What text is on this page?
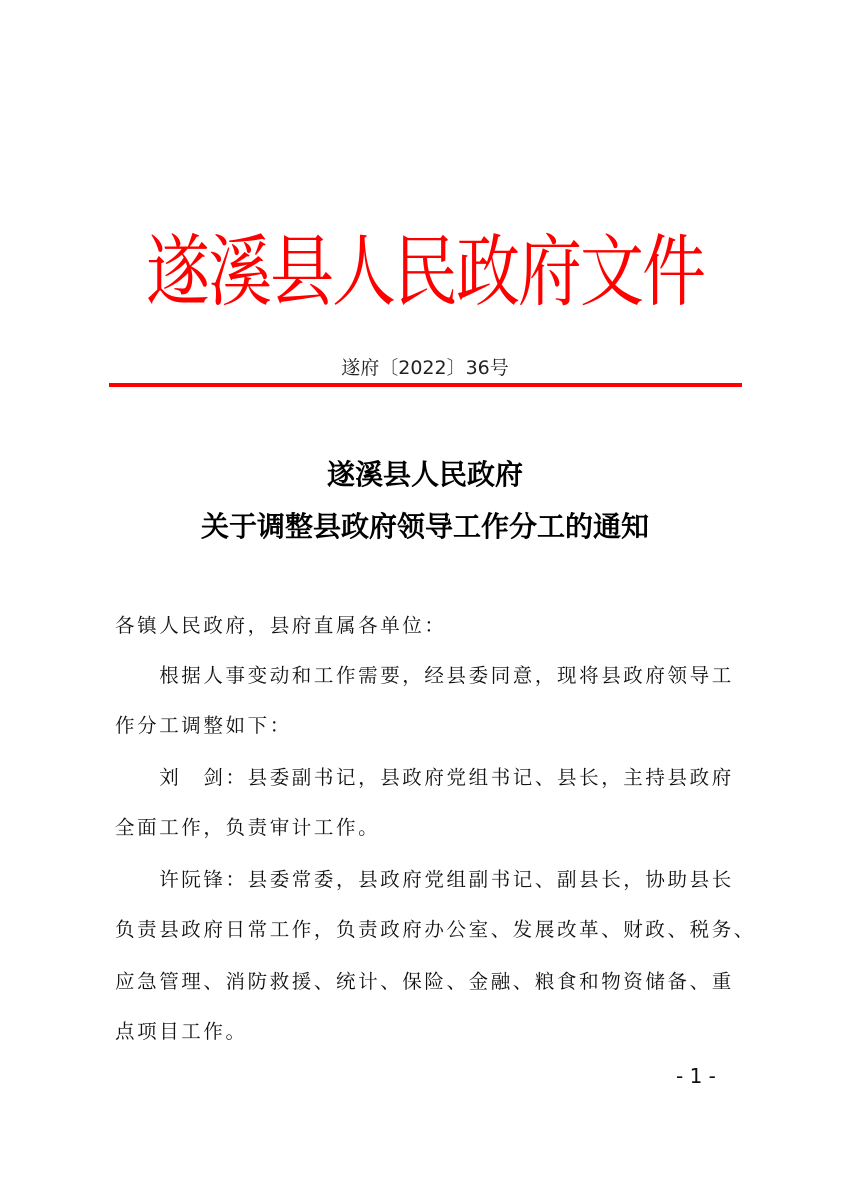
遂溪县人民政府文件
遂府〔2022〕36号
遂溪县人民政府
关于调整县政府领导工作分工的通知
各镇人民政府，县府直属各单位：
　　根据人事变动和工作需要，经县委同意，现将县政府领导工
作分工调整如下：
　　刘　剑：县委副书记，县政府党组书记、县长，主持县政府
全面工作，负责审计工作。
　　许阮锋：县委常委，县政府党组副书记、副县长，协助县长
负责县政府日常工作，负责政府办公室、发展改革、财政、税务、
应急管理、消防救援、统计、保险、金融、粮食和物资储备、重
点项目工作。
- 1 -
